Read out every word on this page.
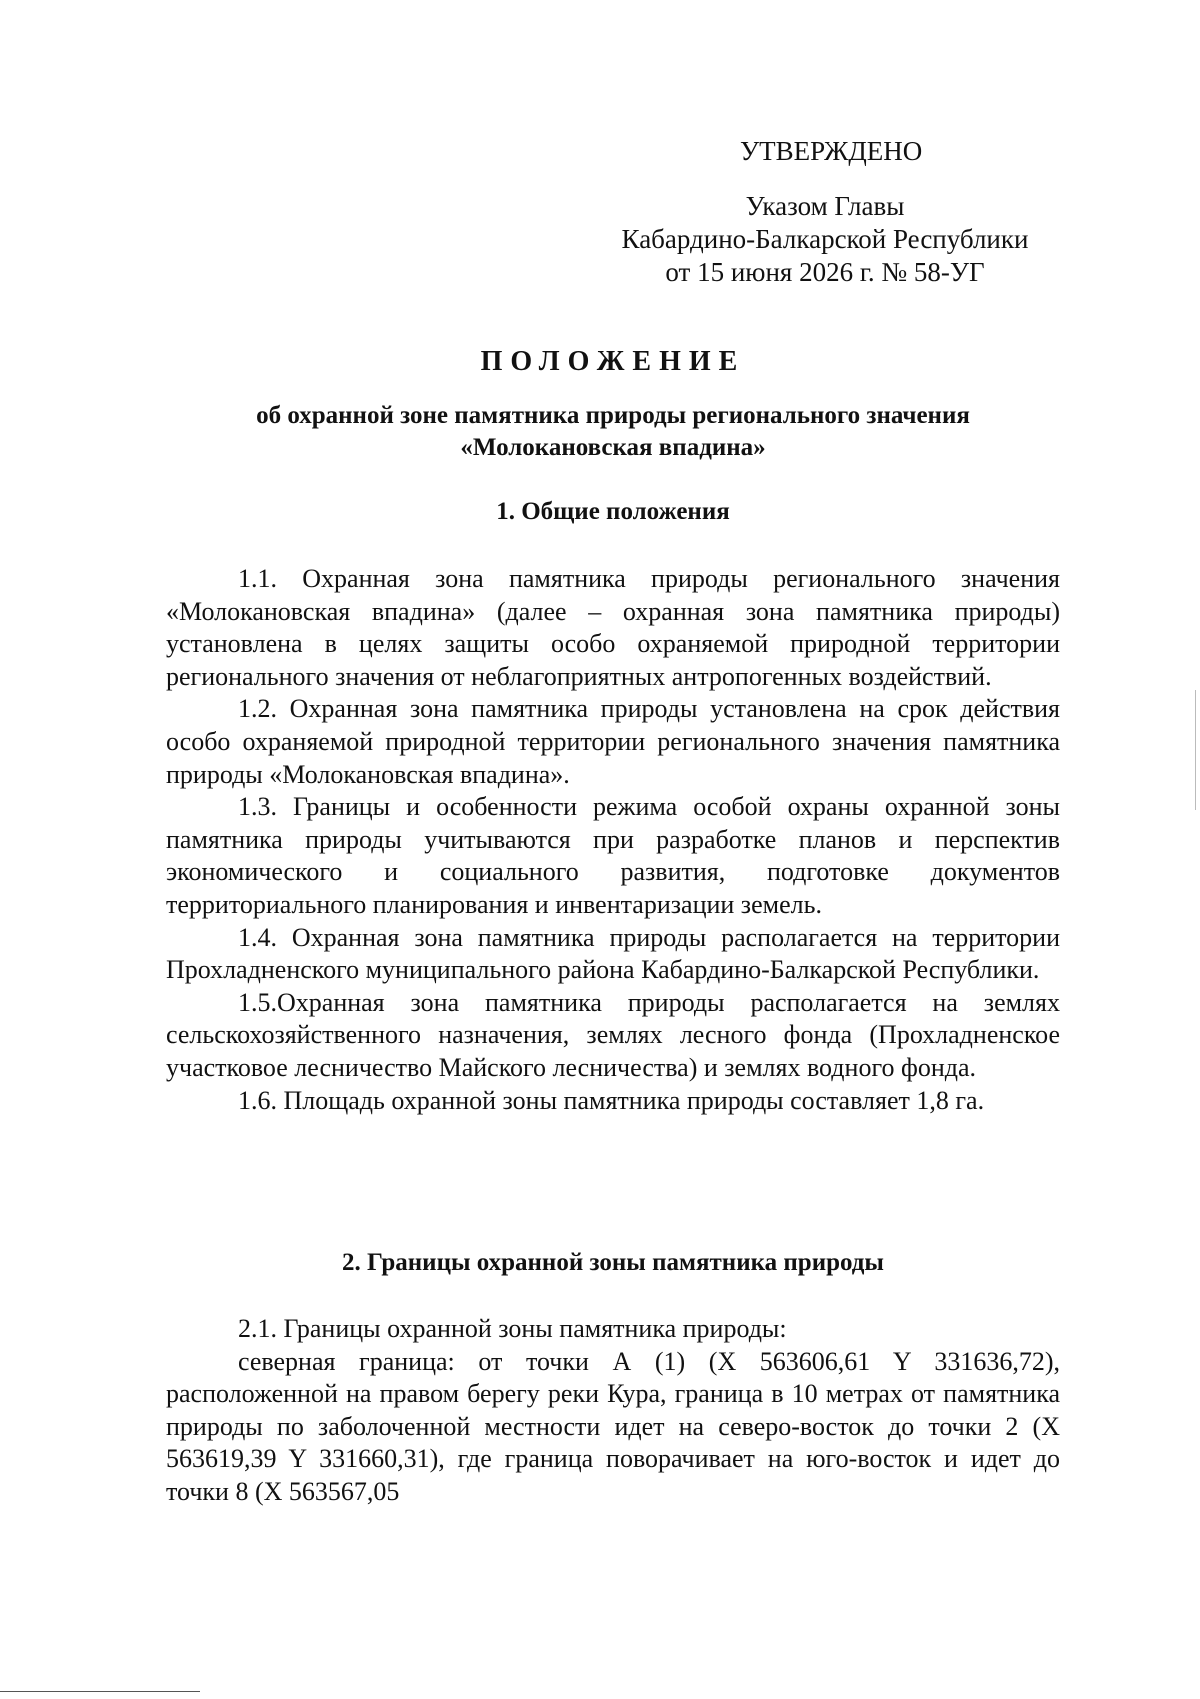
УТВЕРЖДЕНО
Указом Главы
Кабардино-Балкарской Республики
от 15 июня 2026 г. № 58-УГ
ПОЛОЖЕНИЕ
об охранной зоне памятника природы регионального значения
«Молокановская впадина»
1. Общие положения

1.1. Охранная зона памятника природы регионального значения «Молокановская впадина» (далее – охранная зона памятника природы) установлена в целях защиты особо охраняемой природной территории регионального значения от неблагоприятных антропогенных воздействий.

1.2. Охранная зона памятника природы установлена на срок действия особо охраняемой природной территории регионального значения памятника природы «Молокановская впадина».

1.3. Границы и особенности режима особой охраны охранной зоны памятника природы учитываются при разработке планов и перспектив экономического и социального развития, подготовке документов территориального планирования и инвентаризации земель.

1.4. Охранная зона памятника природы располагается на территории Прохладненского муниципального района Кабардино-Балкарской Республики.

1.5.Охранная зона памятника природы располагается на землях сельскохозяйственного назначения, землях лесного фонда (Прохладненское участковое лесничество Майского лесничества) и землях водного фонда.

1.6. Площадь охранной зоны памятника природы составляет 1,8 га.

2. Границы охранной зоны памятника природы

2.1. Границы охранной зоны памятника природы:

северная граница: от точки А (1) (X 563606,61 Y 331636,72), расположенной на правом берегу реки Кура, граница в 10 метрах от памятника природы по заболоченной местности идет на северо-восток до точки 2 (X 563619,39 Y 331660,31), где граница поворачивает на юго-восток и идет до точки 8 (X 563567,05
